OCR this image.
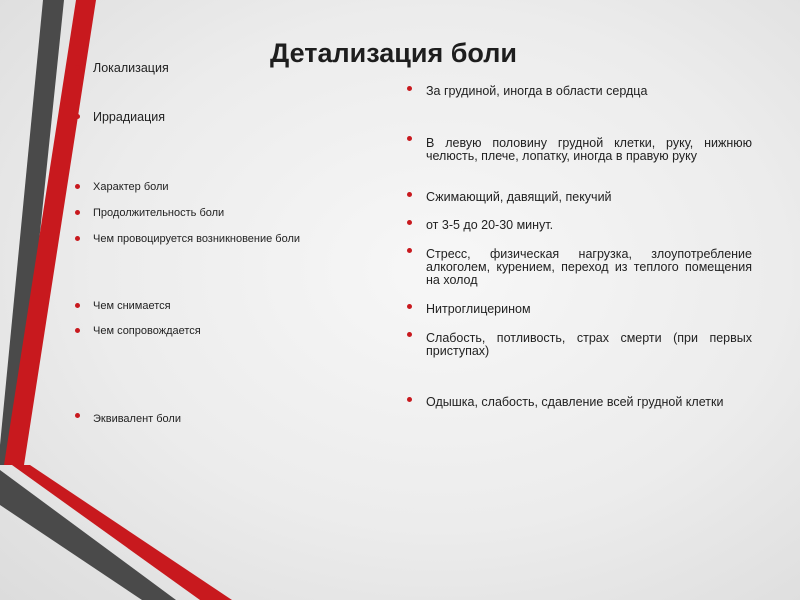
Детализация боли
Локализация
Иррадиация
Характер боли
Продолжительность боли
Чем провоцируется возникновение боли
Чем снимается
Чем сопровождается
Эквивалент боли
За грудиной, иногда в области сердца
В левую половину грудной клетки, руку, нижнюю челюсть, плече, лопатку, иногда в правую руку
Сжимающий, давящий, пекучий
от 3-5 до 20-30 минут.
Стресс, физическая нагрузка, злоупотребление алкоголем, курением, переход из теплого помещения на холод
Нитроглицерином
Слабость, потливость, страх смерти (при первых приступах)
Одышка, слабость, сдавление всей грудной клетки
